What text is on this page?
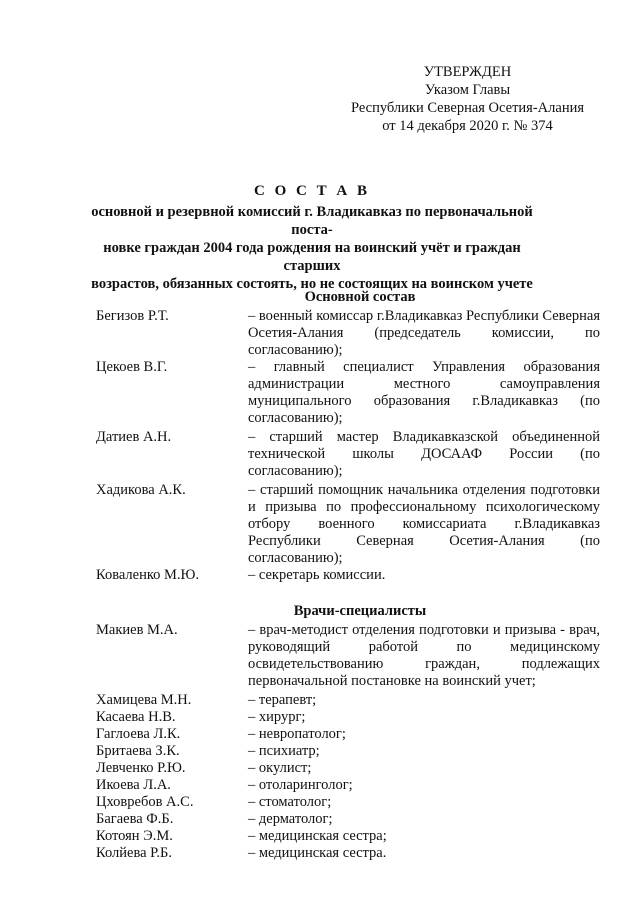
УТВЕРЖДЕН
Указом Главы
Республики Северная Осетия-Алания
от 14 декабря 2020 г. № 374
С О С Т А В
основной и резервной комиссий г. Владикавказ по первоначальной поста-
новке граждан 2004 года рождения на воинский учёт и граждан старших
возрастов, обязанных состоять, но не состоящих на воинском учете
Основной состав
Бегизов Р.Т.	– военный комиссар г.Владикавказ Республики Северная Осетия-Алания (председатель комиссии, по согласованию);
Цекоев В.Г.	– главный специалист Управления образования администрации местного самоуправления муниципального образования г.Владикавказ (по согласованию);
Датиев А.Н.	– старший мастер Владикавказской объединенной технической школы ДОСААФ России (по согласованию);
Хадикова А.К.	– старший помощник начальника отделения подготовки и призыва по профессиональному психологическому отбору военного комиссариата г.Владикавказ Республики Северная Осетия-Алания (по согласованию);
Коваленко М.Ю.	– секретарь комиссии.
Врачи-специалисты
Макиев М.А.	– врач-методист отделения подготовки и призыва - врач, руководящий работой по медицинскому освидетельствованию граждан, подлежащих первоначальной постановке на воинский учет;
Хамицева М.Н.	– терапевт;
Касаева Н.В.	– хирург;
Гаглоева Л.К.	– невропатолог;
Бритаева З.К.	– психиатр;
Левченко Р.Ю.	– окулист;
Икоева Л.А.	– отоларинголог;
Цховребов А.С.	– стоматолог;
Багаева Ф.Б.	– дерматолог;
Котоян Э.М.	– медицинская сестра;
Колйева Р.Б.	– медицинская сестра.
